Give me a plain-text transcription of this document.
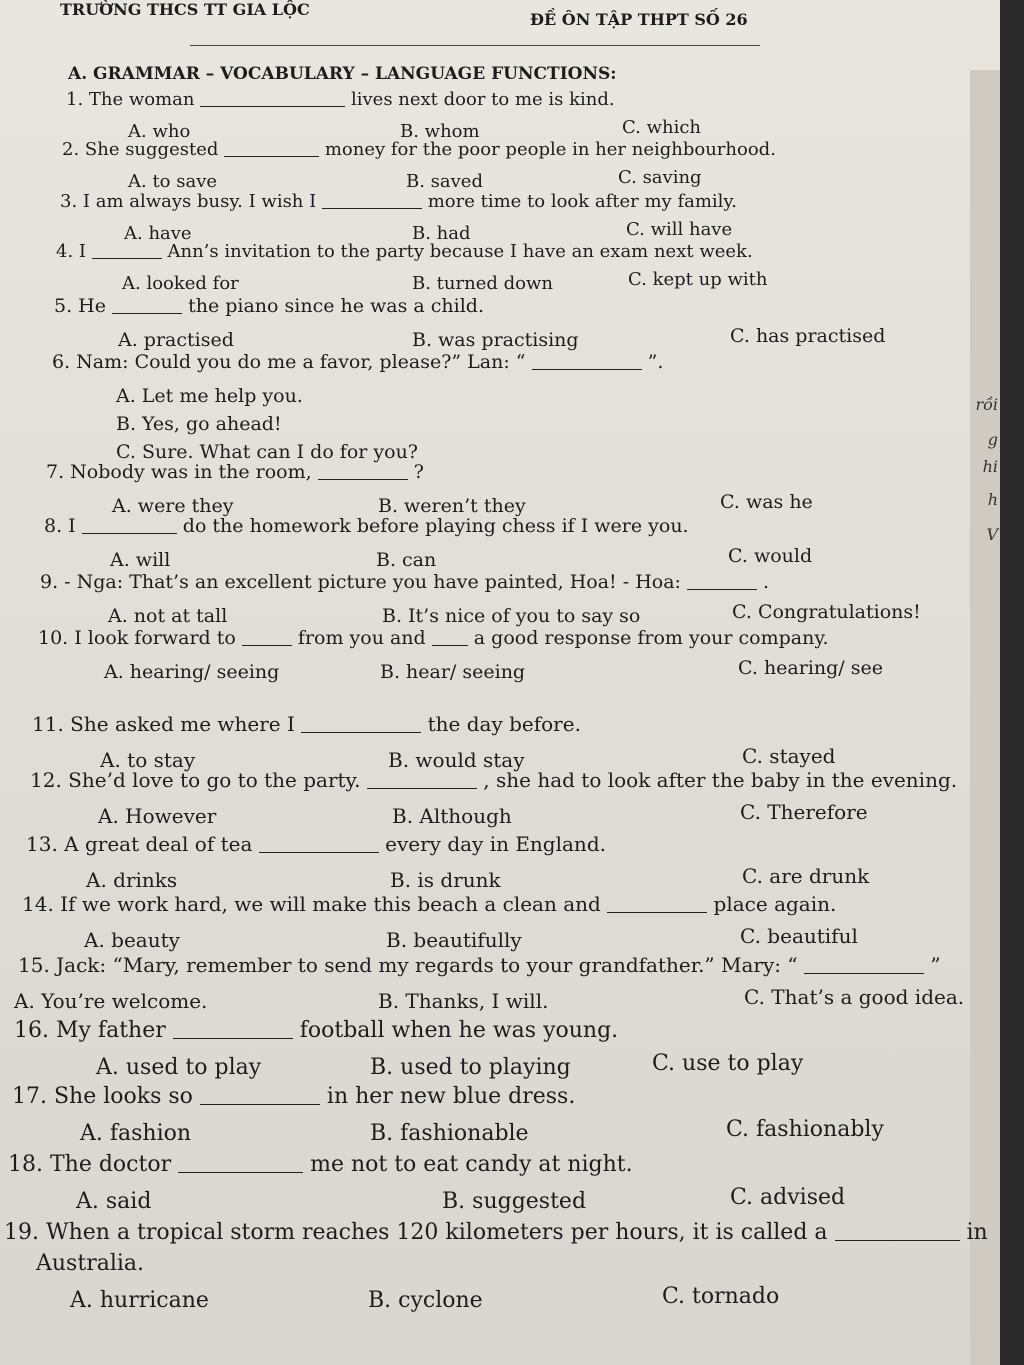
TRƯỜNG THCS TT GIA LỘC
ĐỀ ÔN TẬP THPT SỐ 26
A. GRAMMAR – VOCABULARY – LANGUAGE FUNCTIONS:
1. The woman	lives next door to me is kind.
A. who	B. whom	C. which
2. She suggested	money for the poor people in her neighbourhood.
A. to save	B. saved	C. saving
3. I am always busy. I wish I	more time to look after my family.
A. have	B. had	C. will have
4. I	Ann’s invitation to the party because I have an exam next week.
A. looked for	B. turned down	C. kept up with
5. He	the piano since he was a child.
A. practised	B. was practising	C. has practised
6. Nam: Could you do me a favor, please?” Lan: “	”.
A. Let me help you.
B. Yes, go ahead!
C. Sure. What can I do for you?
7. Nobody was in the room,	?
A. were they	B. weren’t they	C. was he
8. I	do the homework before playing chess if I were you.
A. will	B. can	C. would
9. - Nga: That’s an excellent picture you have painted, Hoa! - Hoa:	.
A. not at tall	B. It’s nice of you to say so	C. Congratulations!
10. I look forward to	from you and	a good response from your company.
A. hearing/ seeing	B. hear/ seeing	C. hearing/ see
11. She asked me where I	the day before.
A. to stay	B. would stay	C. stayed
12. She’d love to go to the party.	, she had to look after the baby in the evening.
A. However	B. Although	C. Therefore
13. A great deal of tea	every day in England.
A. drinks	B. is drunk	C. are drunk
14. If we work hard, we will make this beach a clean and	place again.
A. beauty	B. beautifully	C. beautiful
15. Jack: “Mary, remember to send my regards to your grandfather.” Mary: “	”
A. You’re welcome.	B. Thanks, I will.	C. That’s a good idea.
16. My father	football when he was young.
A. used to play	B. used to playing	C. use to play
17. She looks so	in her new blue dress.
A. fashion	B. fashionable	C. fashionably
18. The doctor	me not to eat candy at night.
A. said	B. suggested	C. advised
19. When a tropical storm reaches 120 kilometers per hours, it is called a	in
Australia.
A. hurricane	B. cyclone	C. tornado
rồi
g
hi
h
V
